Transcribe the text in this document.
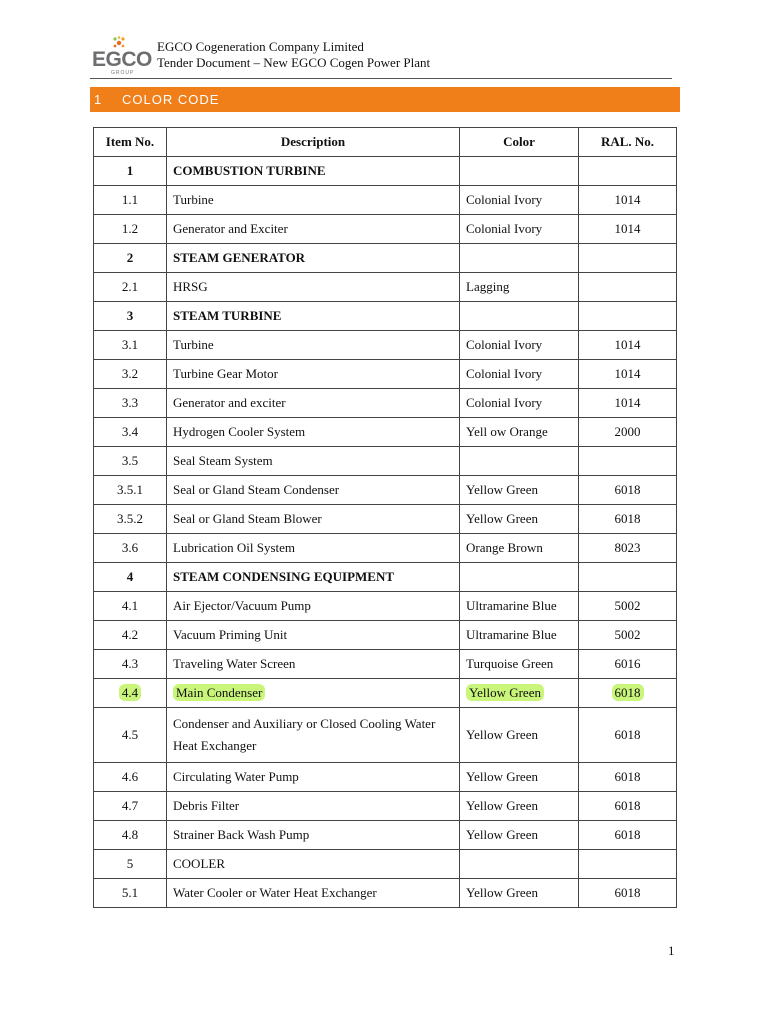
EGCO
GROUP
EGCO Cogeneration Company Limited
Tender Document – New EGCO Cogen Power Plant
1 COLOR CODE
Item No.	Description	Color	RAL. No.
1	COMBUSTION TURBINE		
1.1	Turbine	Colonial Ivory	1014
1.2	Generator and Exciter	Colonial Ivory	1014
2	STEAM GENERATOR		
2.1	HRSG	Lagging	
3	STEAM TURBINE		
3.1	Turbine	Colonial Ivory	1014
3.2	Turbine Gear Motor	Colonial Ivory	1014
3.3	Generator and exciter	Colonial Ivory	1014
3.4	Hydrogen Cooler System	Yell ow Orange	2000
3.5	Seal Steam System		
3.5.1	Seal or Gland Steam Condenser	Yellow Green	6018
3.5.2	Seal or Gland Steam Blower	Yellow Green	6018
3.6	Lubrication Oil System	Orange Brown	8023
4	STEAM CONDENSING EQUIPMENT		
4.1	Air Ejector/Vacuum Pump	Ultramarine Blue	5002
4.2	Vacuum Priming Unit	Ultramarine Blue	5002
4.3	Traveling Water Screen	Turquoise Green	6016
4.4	Main Condenser	Yellow Green	6018
4.5	Condenser and Auxiliary or Closed Cooling Water Heat Exchanger	Yellow Green	6018
4.6	Circulating Water Pump	Yellow Green	6018
4.7	Debris Filter	Yellow Green	6018
4.8	Strainer Back Wash Pump	Yellow Green	6018
5	COOLER		
5.1	Water Cooler or Water Heat Exchanger	Yellow Green	6018
1
